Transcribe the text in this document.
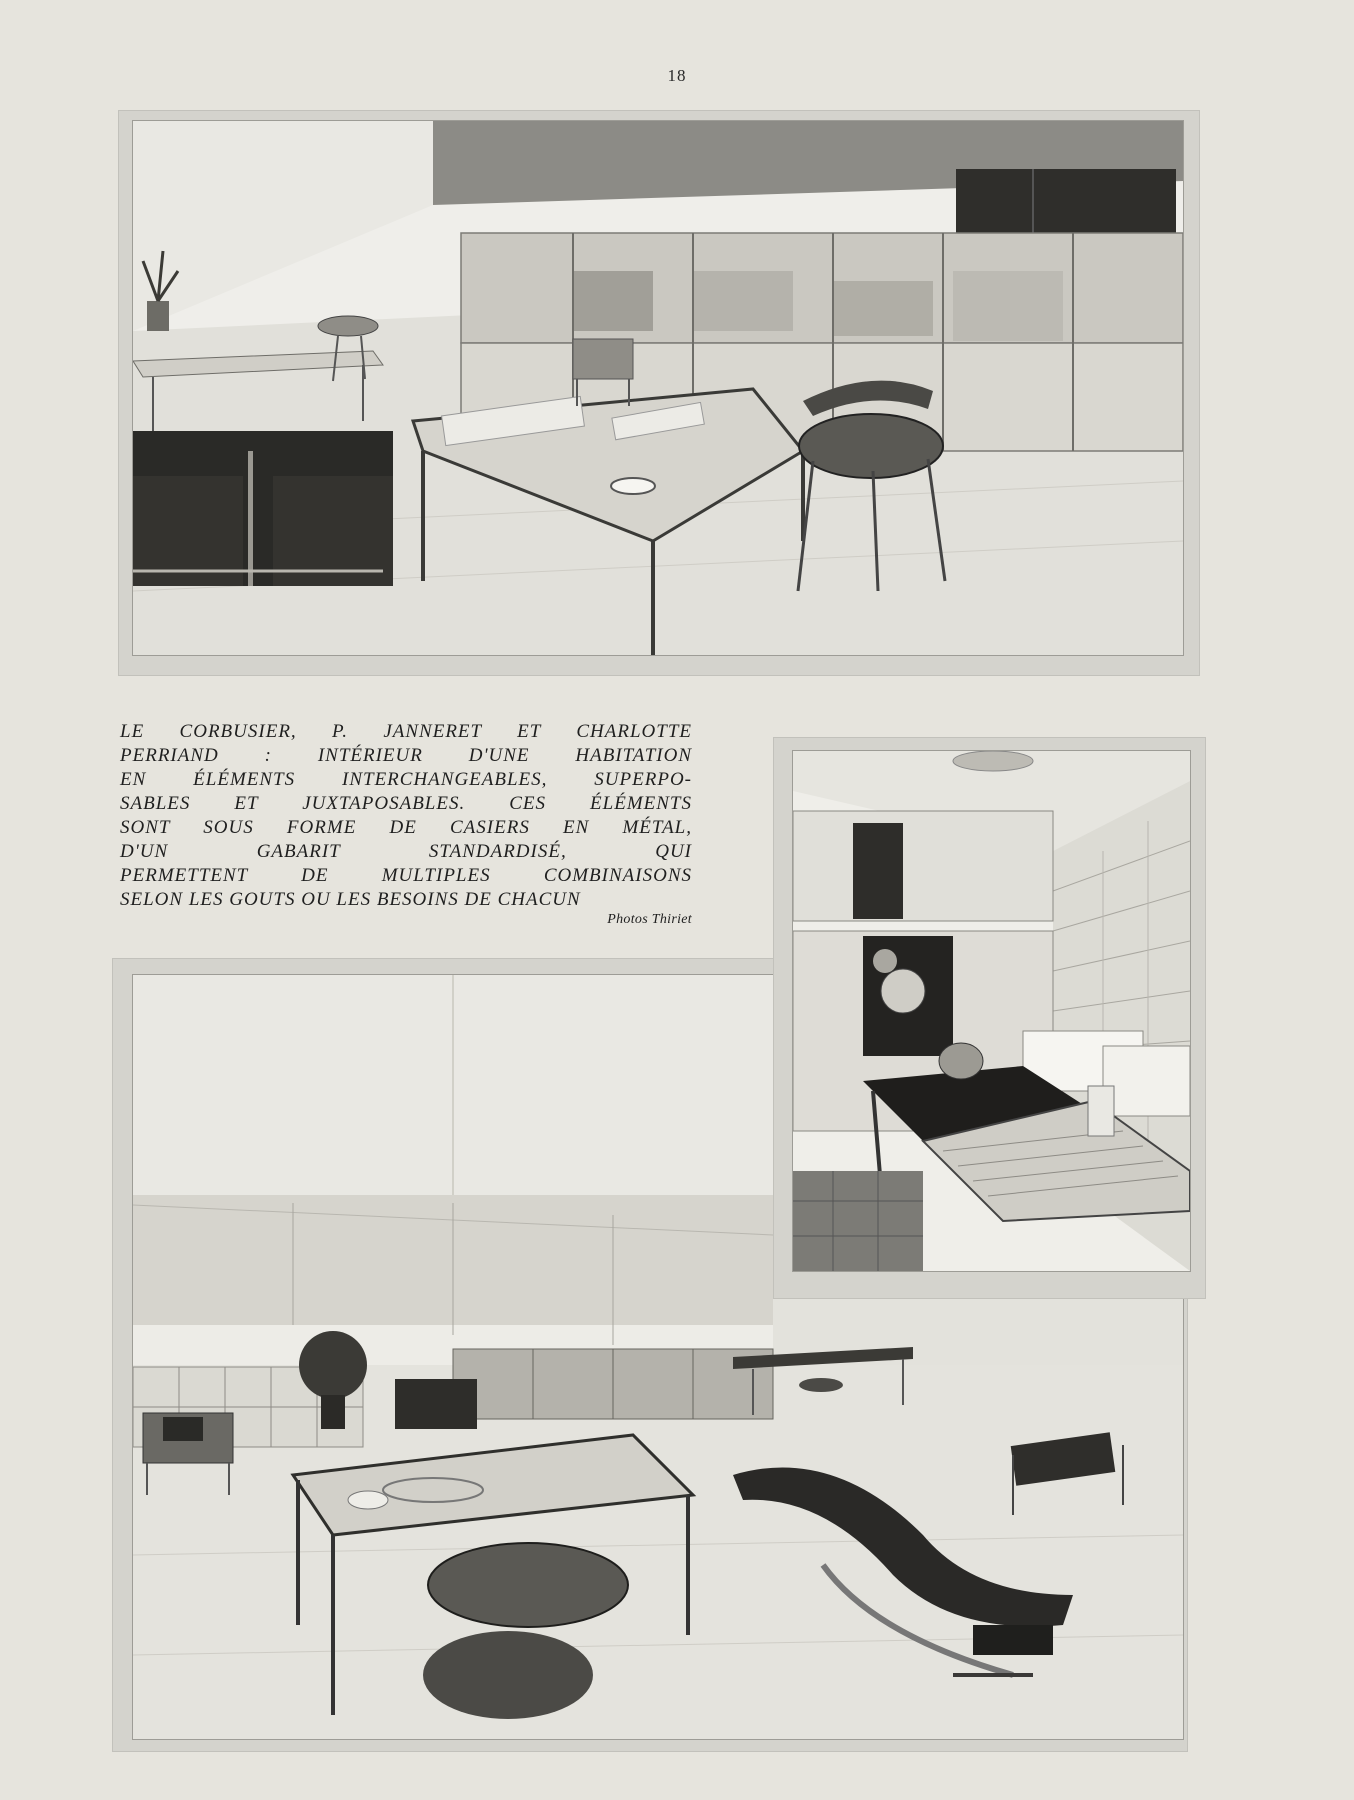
18
LE CORBUSIER, P. JANNERET ET CHARLOTTE
PERRIAND : INTÉRIEUR D'UNE HABITATION
EN ÉLÉMENTS INTERCHANGEABLES, SUPERPO-
SABLES ET JUXTAPOSABLES. CES ÉLÉMENTS
SONT SOUS FORME DE CASIERS EN MÉTAL,
D'UN GABARIT STANDARDISÉ, QUI
PERMETTENT DE MULTIPLES COMBINAISONS
SELON LES GOUTS OU LES BESOINS DE CHACUN
Photos Thiriet
